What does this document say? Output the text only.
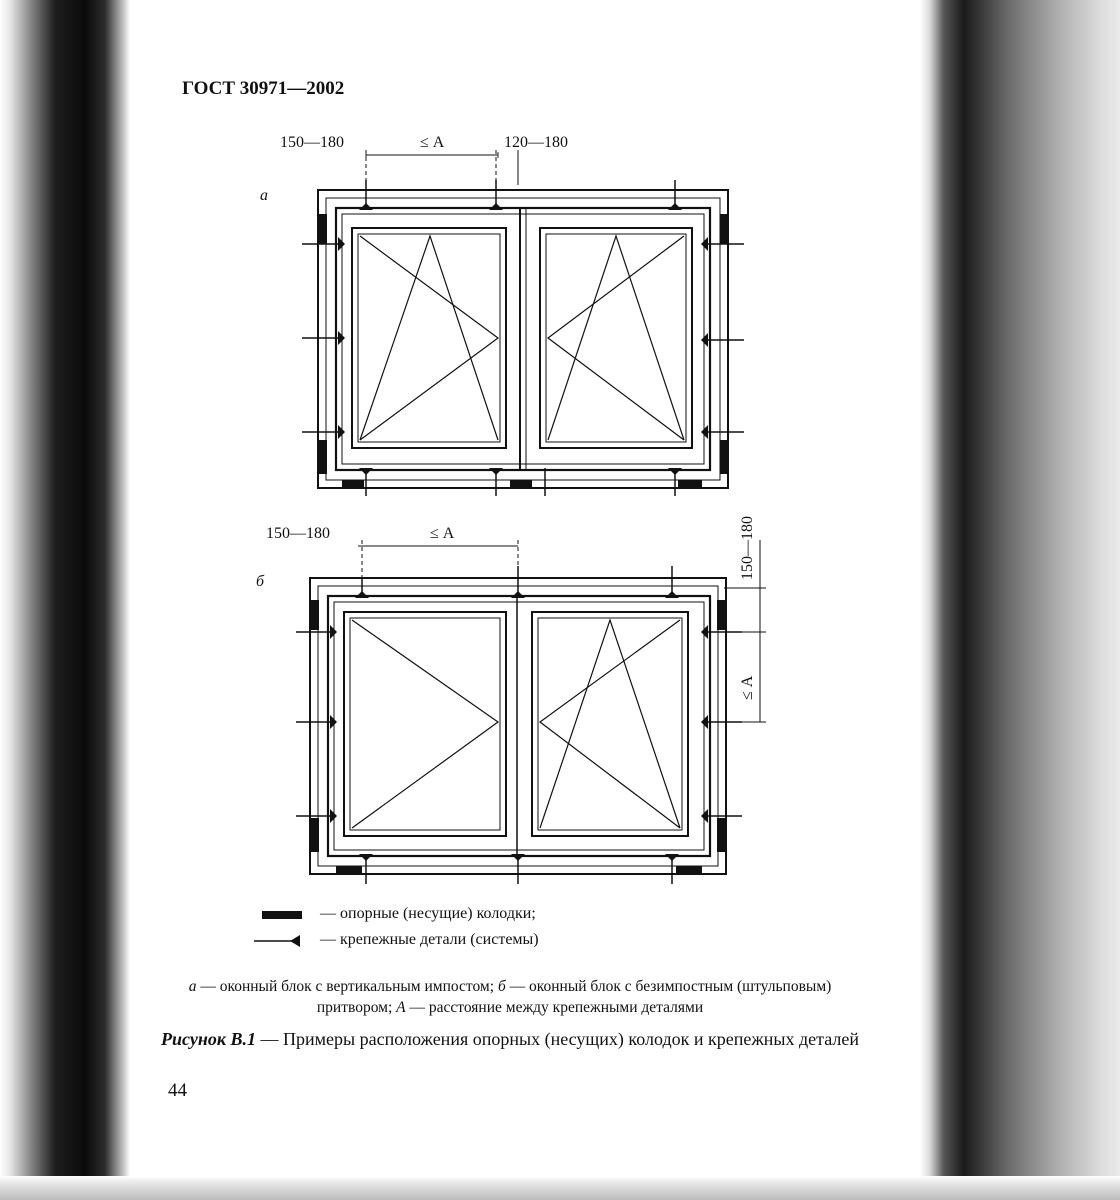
ГОСТ 30971—2002
а
150—180	≤ А	120—180
б
150—180	≤ А	150—180
≤ А
— опорные (несущие) колодки;
— крепежные детали (системы)
а — оконный блок с вертикальным импостом; б — оконный блок с безимпостным (штульповым) притвором; А — расстояние между крепежными деталями
Рисунок В.1 — Примеры расположения опорных (несущих) колодок и крепежных деталей
44
